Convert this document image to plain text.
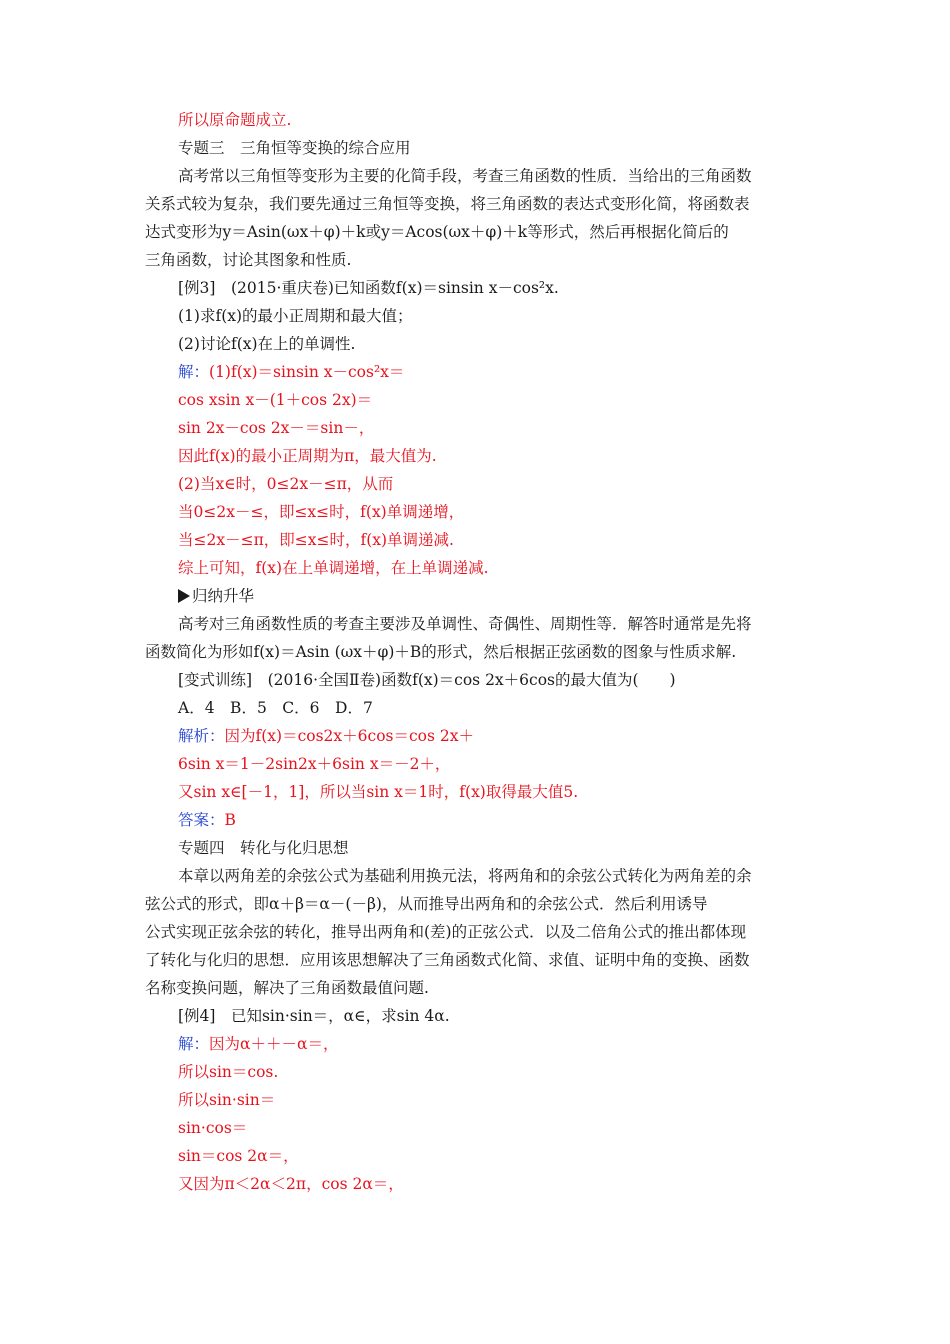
所以原命题成立.
专题三　三角恒等变换的综合应用
高考常以三角恒等变形为主要的化简手段，考查三角函数的性质．当给出的三角函数
关系式较为复杂，我们要先通过三角恒等变换，将三角函数的表达式变形化简，将函数表
达式变形为y＝Asin(ωx＋φ)＋k或y＝Acos(ωx＋φ)＋k等形式，然后再根据化简后的
三角函数，讨论其图象和性质.
[例3]　(2015·重庆卷)已知函数f(x)＝sinsin x－cos²x.
(1)求f(x)的最小正周期和最大值；
(2)讨论f(x)在上的单调性.
解：(1)f(x)＝sinsin x－cos²x＝
cos xsin x－(1＋cos 2x)＝
sin 2x－cos 2x－＝sin－，
因此f(x)的最小正周期为π，最大值为.
(2)当x∈时，0≤2x－≤π，从而
当0≤2x－≤，即≤x≤时，f(x)单调递增，
当≤2x－≤π，即≤x≤时，f(x)单调递减.
综上可知，f(x)在上单调递增，在上单调递减.
归纳升华
高考对三角函数性质的考查主要涉及单调性、奇偶性、周期性等．解答时通常是先将
函数简化为形如f(x)＝Asin (ωx＋φ)＋B的形式，然后根据正弦函数的图象与性质求解.
[变式训练]　(2016·全国Ⅱ卷)函数f(x)＝cos 2x＋6cos的最大值为(　　)
A．4　B．5　C．6　D．7
解析：因为f(x)＝cos2x＋6cos＝cos 2x＋
6sin x＝1－2sin2x＋6sin x＝－2＋，
又sin x∈[－1，1]，所以当sin x＝1时，f(x)取得最大值5.
答案：B
专题四　转化与化归思想
本章以两角差的余弦公式为基础利用换元法，将两角和的余弦公式转化为两角差的余
弦公式的形式，即α＋β＝α－(－β)，从而推导出两角和的余弦公式．然后利用诱导
公式实现正弦余弦的转化，推导出两角和(差)的正弦公式．以及二倍角公式的推出都体现
了转化与化归的思想．应用该思想解决了三角函数式化简、求值、证明中角的变换、函数
名称变换问题，解决了三角函数最值问题.
[例4]　已知sin·sin＝，α∈，求sin 4α.
解：因为α＋＋－α＝，
所以sin＝cos.
所以sin·sin＝
sin·cos＝
sin＝cos 2α＝，
又因为π＜2α＜2π，cos 2α＝，
